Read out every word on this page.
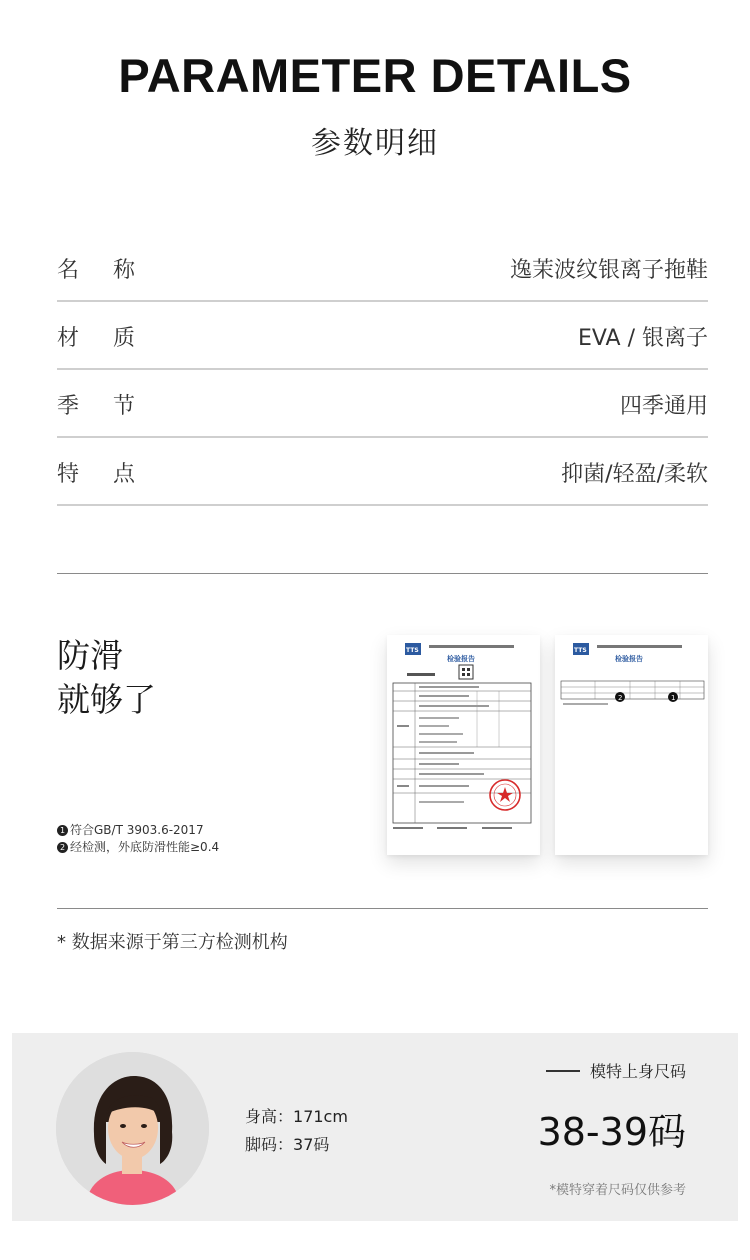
PARAMETER DETAILS
参数明细
名称	逸茉波纹银离子拖鞋
材质	EVA / 银离子
季节	四季通用
特点	抑菌/轻盈/柔软
防滑
就够了
1 符合GB/T 3903.6-2017
2 经检测，外底防滑性能≥0.4
TTS
检验报告
TTS
检验报告
2	1
* 数据来源于第三方检测机构
身高：171cm
脚码：37码
模特上身尺码
38-39码
*模特穿着尺码仅供参考
